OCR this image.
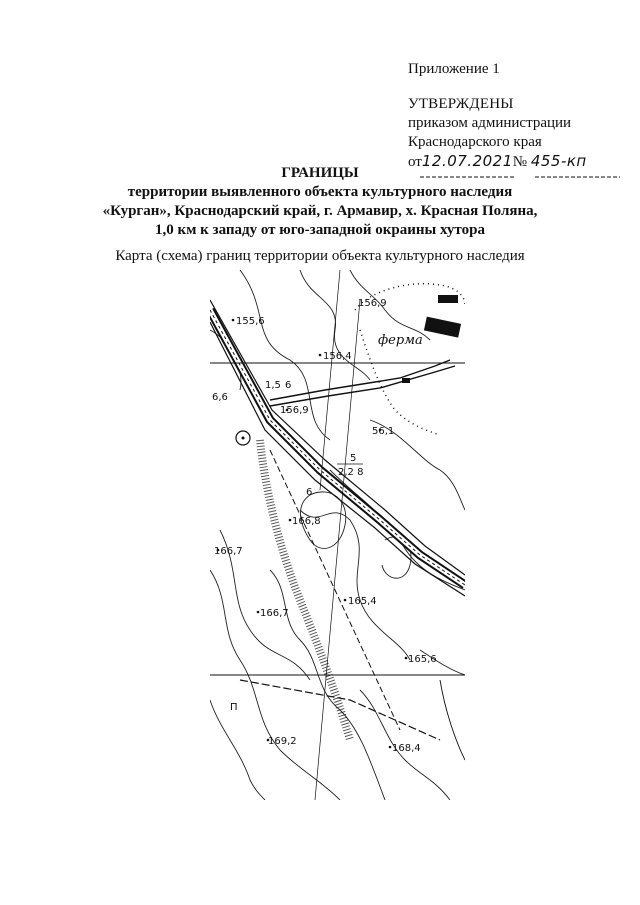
Приложение 1
УТВЕРЖДЕНЫ
приказом администрации
Краснодарского края
от12.07.2021№ 455-кп
ГРАНИЦЫ
территории выявленного объекта культурного наследия
«Курган», Краснодарский край, г. Армавир, х. Красная Поляна,
1,0 км к западу от юго-западной окраины хутора
Карта (схема) границ территории объекта культурного наследия
155,6
156,9
156,4
156,9
56,1
1,5 6
6,6
5
2,2 8
6
166,8
166,7
166,7
165,4
165,6
169,2
168,4
П
ферма
